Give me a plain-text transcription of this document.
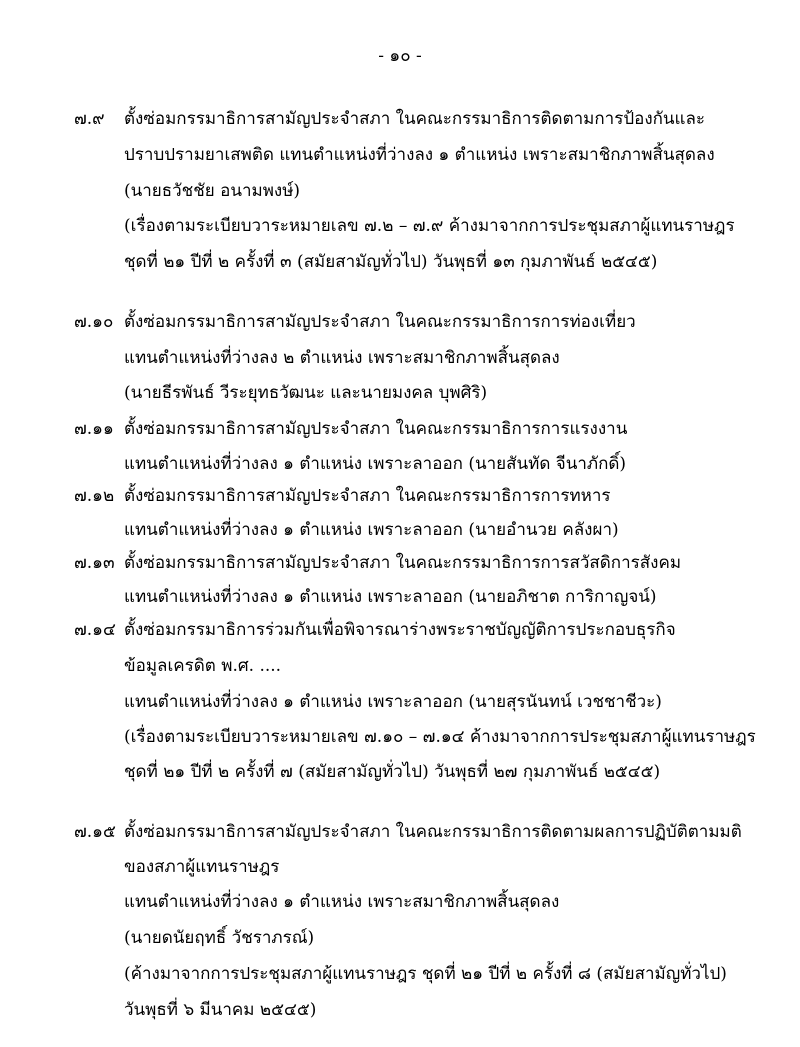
- ๑๐ -
๗.๙ ตั้งซ่อมกรรมาธิการสามัญประจำสภา ในคณะกรรมาธิการติดตามการป้องกันและ
ปราบปรามยาเสพติด แทนตำแหน่งที่ว่างลง ๑ ตำแหน่ง เพราะสมาชิกภาพสิ้นสุดลง
(นายธวัชชัย อนามพงษ์)
(เรื่องตามระเบียบวาระหมายเลข ๗.๒ – ๗.๙ ค้างมาจากการประชุมสภาผู้แทนราษฎร
ชุดที่ ๒๑ ปีที่ ๒ ครั้งที่ ๓ (สมัยสามัญทั่วไป) วันพุธที่ ๑๓ กุมภาพันธ์ ๒๕๔๕)
๗.๑๐ ตั้งซ่อมกรรมาธิการสามัญประจำสภา ในคณะกรรมาธิการการท่องเที่ยว
แทนตำแหน่งที่ว่างลง ๒ ตำแหน่ง เพราะสมาชิกภาพสิ้นสุดลง
(นายธีรพันธ์ วีระยุทธวัฒนะ และนายมงคล บุพศิริ)
๗.๑๑ ตั้งซ่อมกรรมาธิการสามัญประจำสภา ในคณะกรรมาธิการการแรงงาน
แทนตำแหน่งที่ว่างลง ๑ ตำแหน่ง เพราะลาออก (นายสันทัด จีนาภักดิ์)
๗.๑๒ ตั้งซ่อมกรรมาธิการสามัญประจำสภา ในคณะกรรมาธิการการทหาร
แทนตำแหน่งที่ว่างลง ๑ ตำแหน่ง เพราะลาออก (นายอำนวย คลังผา)
๗.๑๓ ตั้งซ่อมกรรมาธิการสามัญประจำสภา ในคณะกรรมาธิการการสวัสดิการสังคม
แทนตำแหน่งที่ว่างลง ๑ ตำแหน่ง เพราะลาออก (นายอภิชาต การิกาญจน์)
๗.๑๔ ตั้งซ่อมกรรมาธิการร่วมกันเพื่อพิจารณาร่างพระราชบัญญัติการประกอบธุรกิจ
ข้อมูลเครดิต พ.ศ. ....
แทนตำแหน่งที่ว่างลง ๑ ตำแหน่ง เพราะลาออก (นายสุรนันทน์ เวชชาชีวะ)
(เรื่องตามระเบียบวาระหมายเลข ๗.๑๐ – ๗.๑๔ ค้างมาจากการประชุมสภาผู้แทนราษฎร
ชุดที่ ๒๑ ปีที่ ๒ ครั้งที่ ๗ (สมัยสามัญทั่วไป) วันพุธที่ ๒๗ กุมภาพันธ์ ๒๕๔๕)
๗.๑๕ ตั้งซ่อมกรรมาธิการสามัญประจำสภา ในคณะกรรมาธิการติดตามผลการปฏิบัติตามมติ
ของสภาผู้แทนราษฎร
แทนตำแหน่งที่ว่างลง ๑ ตำแหน่ง เพราะสมาชิกภาพสิ้นสุดลง
(นายดนัยฤทธิ์ วัชราภรณ์)
(ค้างมาจากการประชุมสภาผู้แทนราษฎร ชุดที่ ๒๑ ปีที่ ๒ ครั้งที่ ๘ (สมัยสามัญทั่วไป)
วันพุธที่ ๖ มีนาคม ๒๕๔๕)
